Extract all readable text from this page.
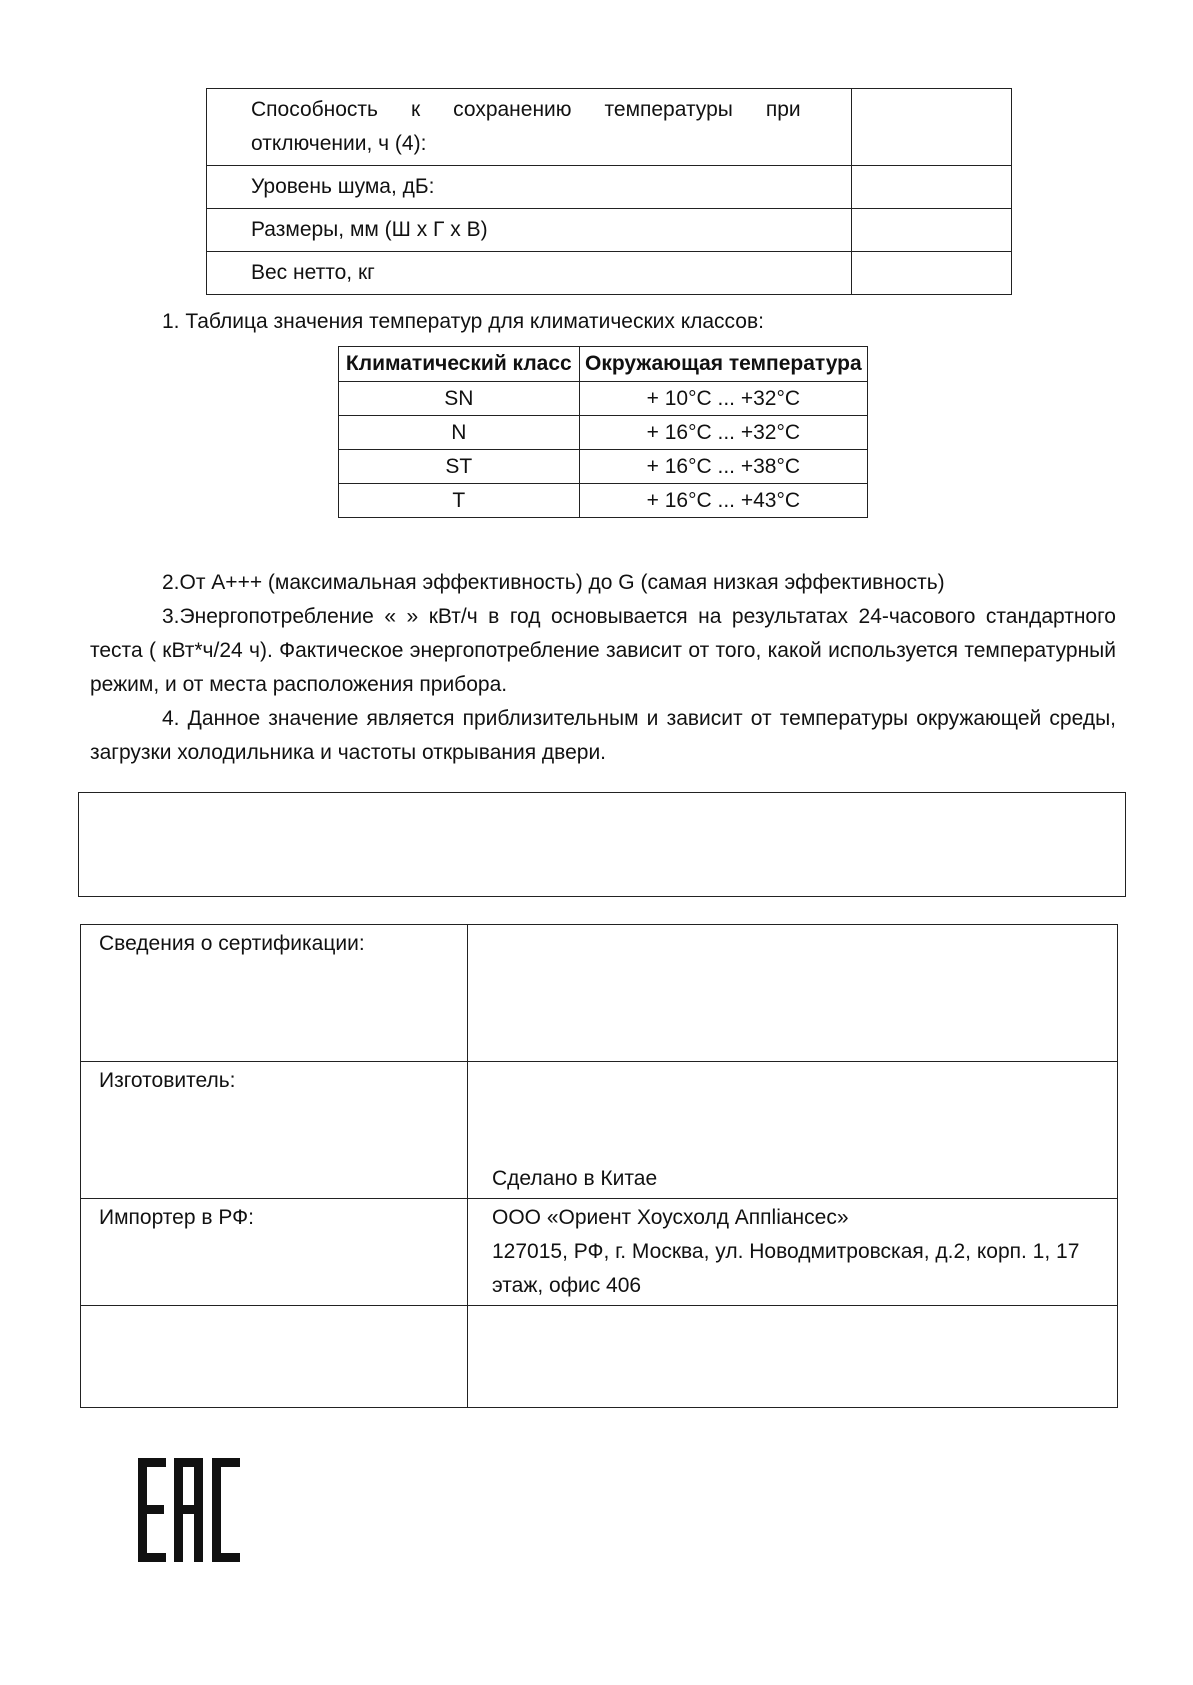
Способность к сохранению температуры при отключении, ч (4):	
Уровень шума, дБ:	
Размеры, мм (Ш х Г х В)	
Вес нетто, кг	
1. Таблица значения температур для климатических классов:
Климатический класс	Окружающая температура
SN	+ 10°C ... +32°C
N	+ 16°C ... +32°C
ST	+ 16°C ... +38°C
T	+ 16°C ... +43°C
2.От А+++ (максимальная эффективность) до G (самая низкая эффективность)
3.Энергопотребление « » кВт/ч в год основывается на результатах 24-часового стандартного теста ( кВт*ч/24 ч). Фактическое энергопотребление зависит от того, какой используется температурный режим, и от места расположения прибора.
4. Данное значение является приблизительным и зависит от температуры окружающей среды, загрузки холодильника и частоты открывания двери.
Сведения о сертификации:	
Изготовитель:	Сделано в Китае
Импортер в РФ:	ООО «Ориент Хоусхолд Аппliансес»
127015, РФ, г. Москва, ул. Новодмитровская, д.2, корп. 1, 17 этаж, офис 406
